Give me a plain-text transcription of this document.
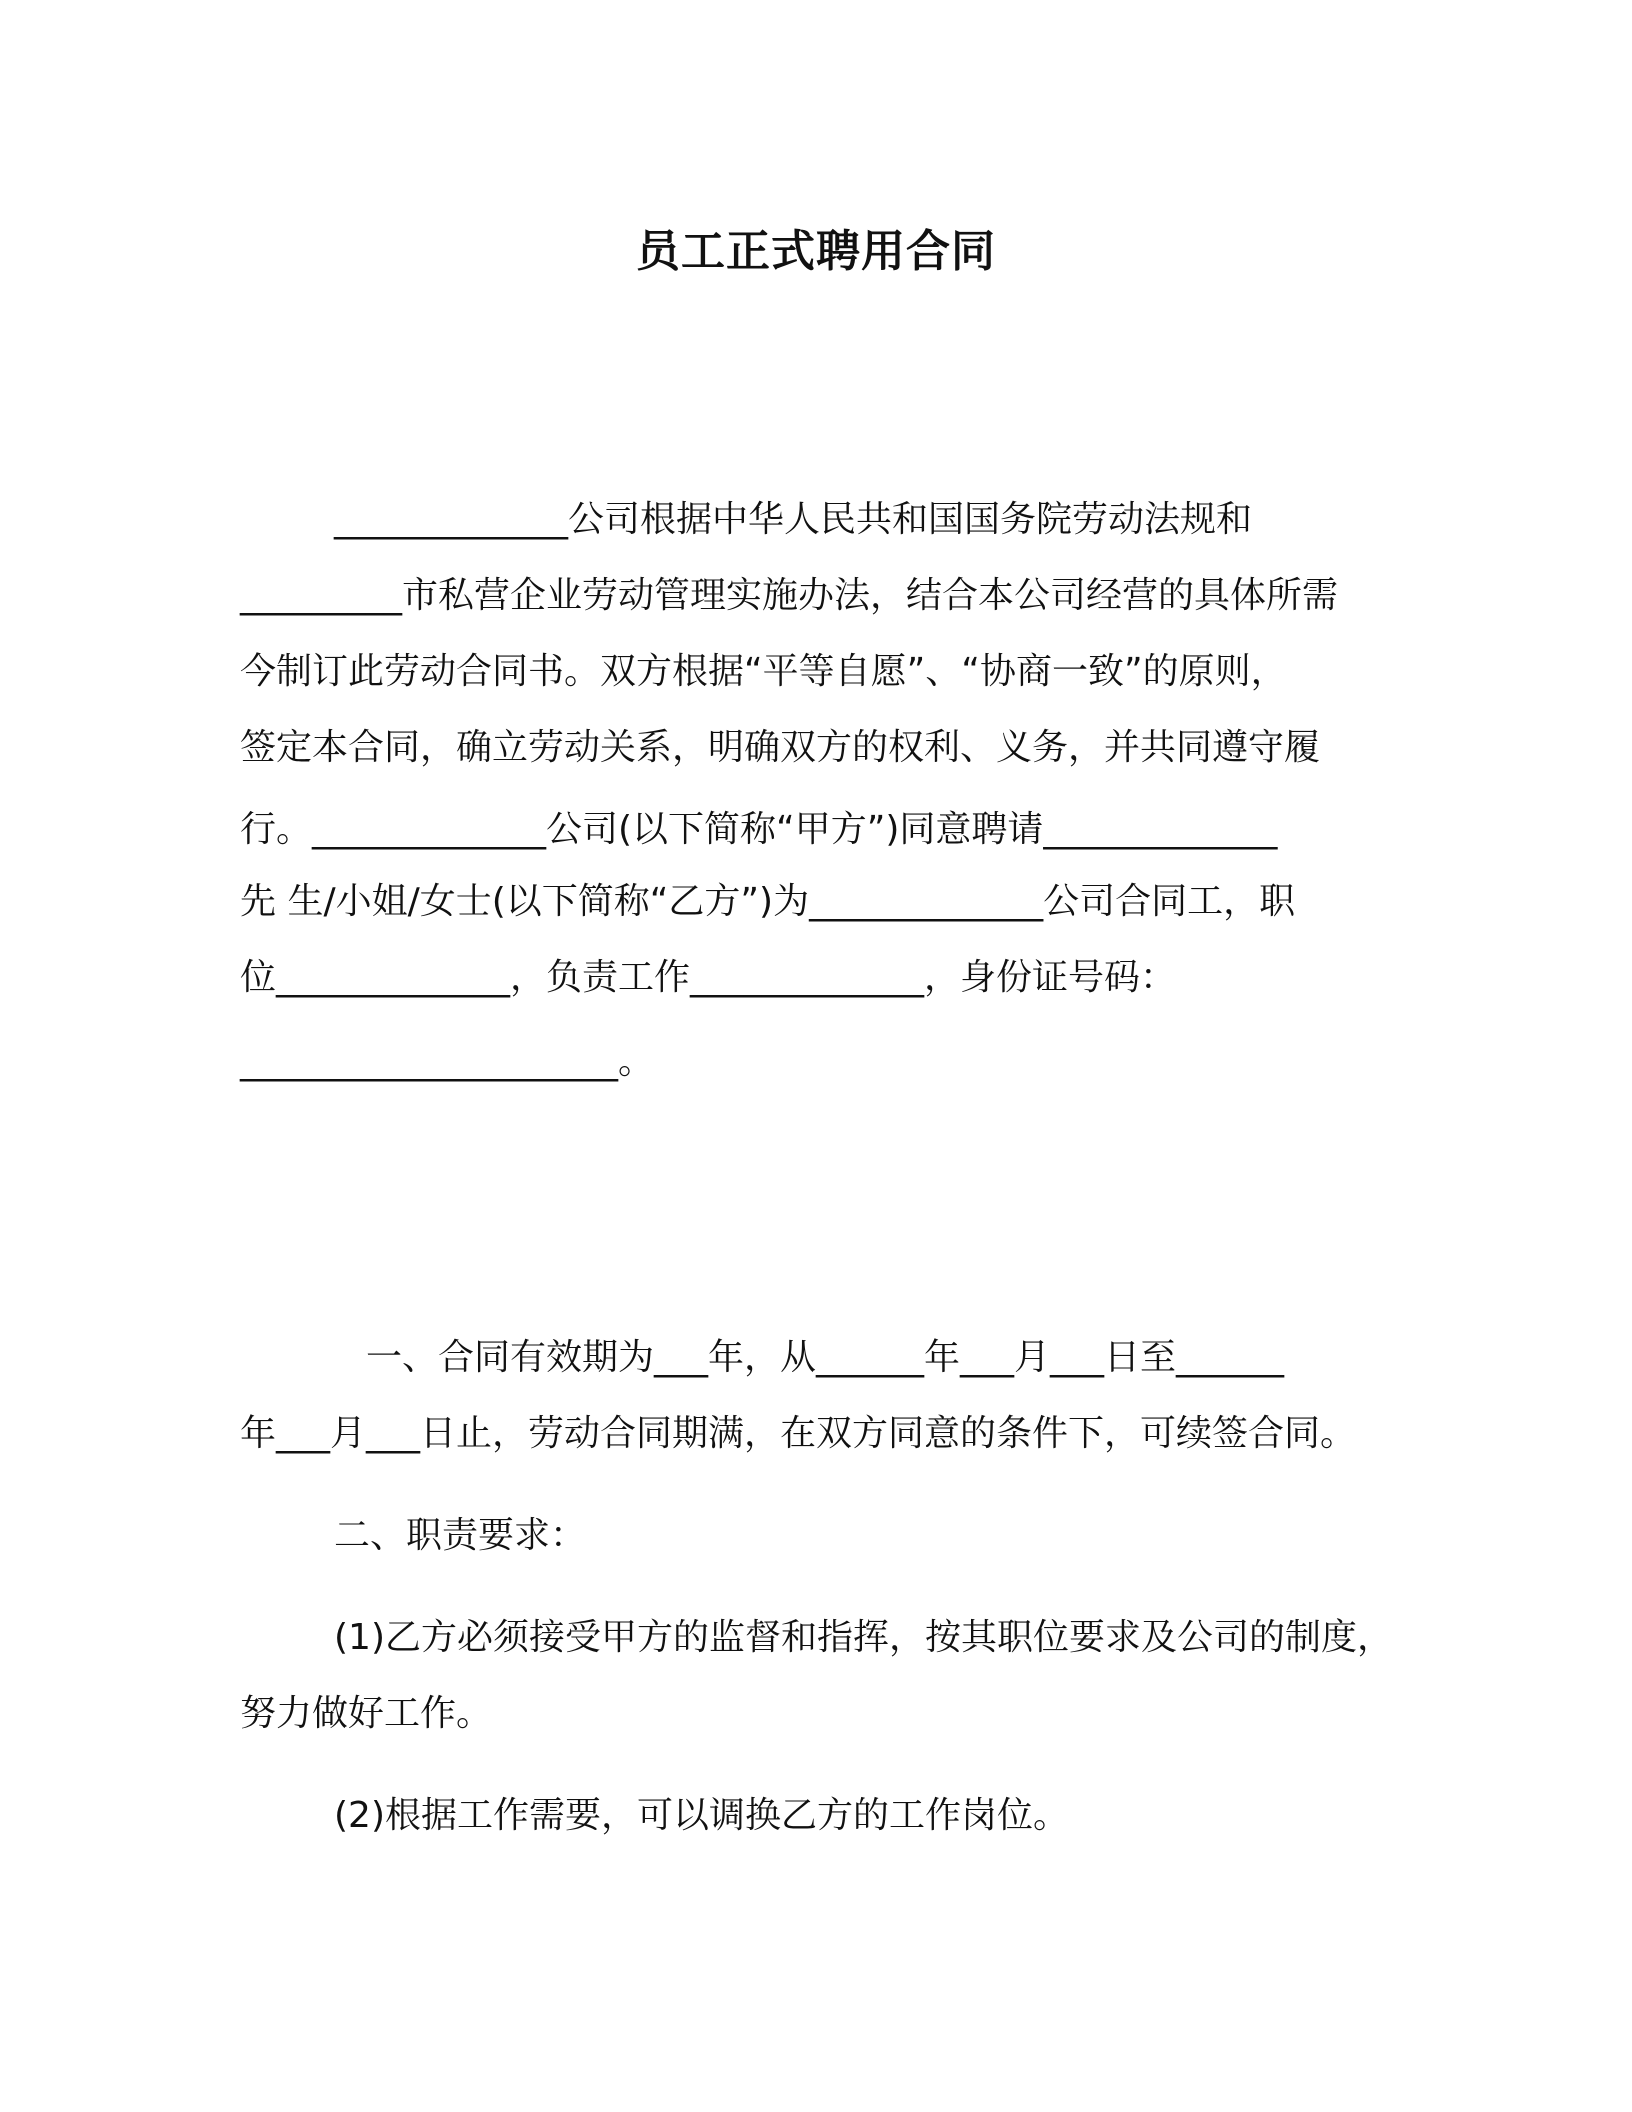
员工正式聘用合同
_____________公司根据中华人民共和国国务院劳动法规和
_________市私营企业劳动管理实施办法，结合本公司经营的具体所需
今制订此劳动合同书。双方根据“平等自愿”、“协商一致”的原则，
签定本合同，确立劳动关系，明确双方的权利、义务，并共同遵守履
行。_____________公司(以下简称“甲方”)同意聘请_____________
先 生/小姐/女士(以下简称“乙方”)为_____________公司合同工，职
位_____________，负责工作_____________，身份证号码：
_____________________。
一、合同有效期为___年，从______年___月___日至______
年___月___日止，劳动合同期满，在双方同意的条件下，可续签合同。
二、职责要求：
(1)乙方必须接受甲方的监督和指挥，按其职位要求及公司的制度，
努力做好工作。
(2)根据工作需要，可以调换乙方的工作岗位。
